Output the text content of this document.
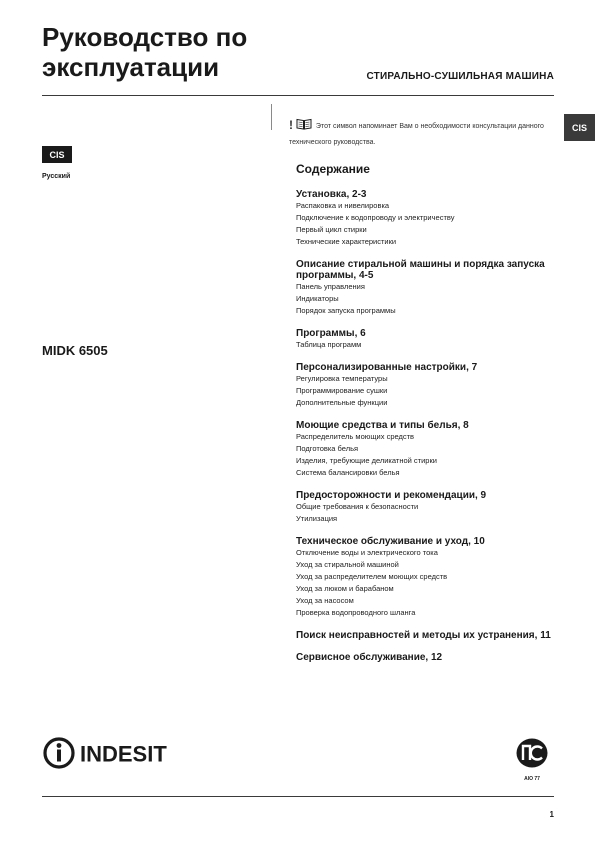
Руководство по эксплуатации	СТИРАЛЬНО-СУШИЛЬНАЯ МАШИНА
CIS
CIS
Русский
MIDK 6505
!	Этот символ напоминает Вам о необходимости консультации данного технического руководства.
Содержание
Установка, 2-3
Распаковка и нивелировка
Подключение к водопроводу и электричеству
Первый цикл стирки
Технические характеристики
Описание стиральной машины и порядка запуска программы, 4-5
Панель управления
Индикаторы
Порядок запуска программы
Программы, 6
Таблица программ
Персонализированные настройки, 7
Регулировка температуры
Программирование сушки
Дополнительные функции
Моющие средства и типы белья, 8
Распределитель моющих средств
Подготовка белья
Изделия, требующие деликатной стирки
Система балансировки белья
Предосторожности и рекомендации, 9
Общие требования к безопасности
Утилизация
Техническое обслуживание и уход, 10
Отключение воды и электрического тока
Уход за стиральной машиной
Уход за распределителем моющих средств
Уход за люком и барабаном
Уход за насосом
Проверка водопроводного шланга
Поиск неисправностей и методы их устранения, 11
Сервисное обслуживание, 12
INDESIT
AIO 77
1
